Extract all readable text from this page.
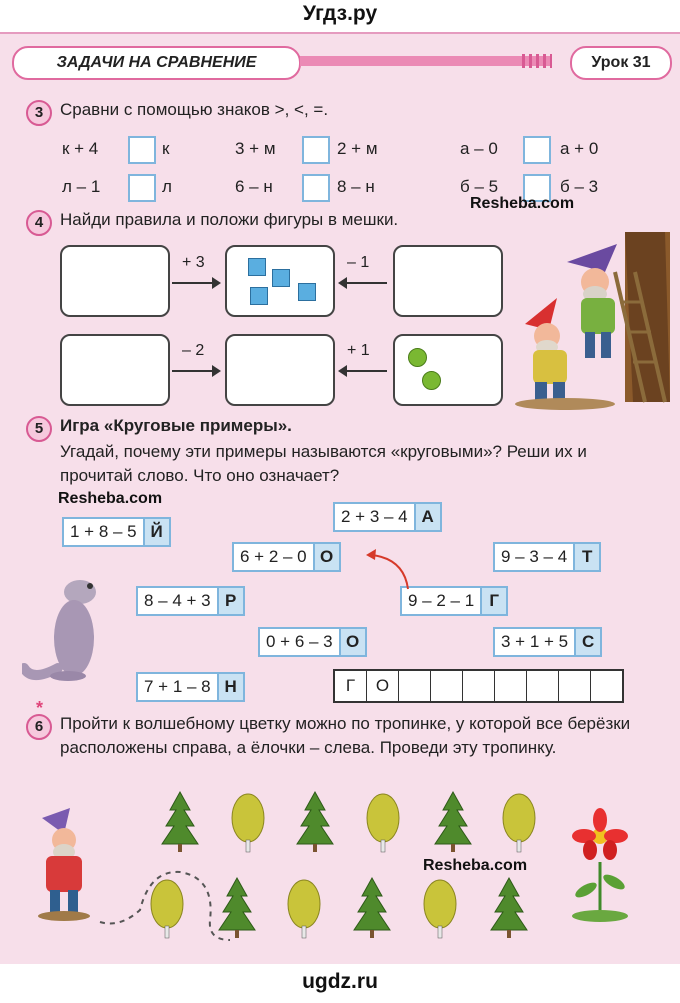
Угдз.ру
ЗАДАЧИ НА СРАВНЕНИЕ	Урок 31
3 Сравни с помощью знаков >, <, =.
к + 4	к	3 + м	2 + м	а – 0	а + 0
л – 1	л	6 – н	8 – н	б – 5	б – 3
Resheba.com
4 Найди правила и положи фигуры в мешки.
+ 3	– 1
– 2	+ 1
5 Игра «Круговые примеры».
Угадай, почему эти примеры называются «круговыми»? Реши их и прочитай слово. Что оно означает?
Resheba.com
1 + 8 – 5 Й
2 + 3 – 4 А
6 + 2 – 0 О	9 – 3 – 4 Т
8 – 4 + 3 Р	9 – 2 – 1 Г
0 + 6 – 3 О	3 + 1 + 5 С
7 + 1 – 8 Н	Г	О
6
*
Пройти к волшебному цветку можно по тропинке, у которой все берёзки расположены справа, а ёлочки – слева. Проведи эту тропинку.
Resheba.com
ugdz.ru
